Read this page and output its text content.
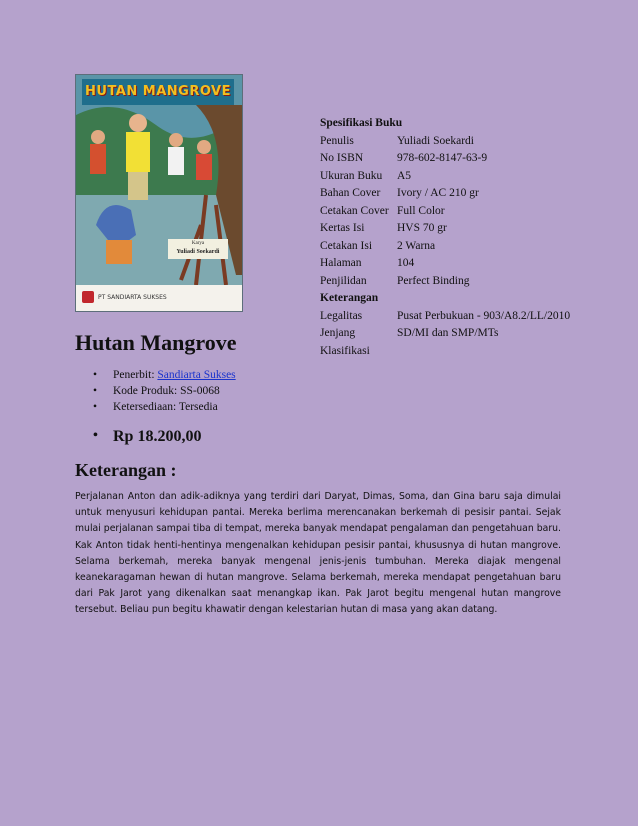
HUTAN MANGROVE
Karya
Yuliadi Soekardi
PT SANDIARTA SUKSES
Spesifikasi Buku
Penulis	Yuliadi Soekardi
No ISBN	978-602-8147-63-9
Ukuran Buku	A5
Bahan Cover	Ivory / AC 210 gr
Cetakan Cover	Full Color
Kertas Isi	HVS 70 gr
Cetakan Isi	2 Warna
Halaman	104
Penjilidan	Perfect Binding
Keterangan
Legalitas	Pusat Perbukuan - 903/A8.2/LL/2010
Jenjang	SD/MI dan SMP/MTs
Klasifikasi	
Hutan Mangrove
• Penerbit: Sandiarta Sukses
• Kode Produk: SS-0068
• Ketersediaan: Tersedia
• Rp 18.200,00
Keterangan :

Perjalanan Anton dan adik-adiknya yang terdiri dari Daryat, Dimas, Soma, dan Gina baru saja dimulai untuk menyusuri kehidupan pantai. Mereka berlima merencanakan berkemah di pesisir pantai. Sejak mulai perjalanan sampai tiba di tempat, mereka banyak mendapat pengalaman dan pengetahuan baru. Kak Anton tidak henti-hentinya mengenalkan kehidupan pesisir pantai, khususnya di hutan mangrove. Selama berkemah, mereka banyak mengenal jenis-jenis tumbuhan. Mereka diajak mengenal keanekaragaman hewan di hutan mangrove. Selama berkemah, mereka mendapat pengetahuan baru dari Pak Jarot yang dikenalkan saat menangkap ikan. Pak Jarot begitu mengenal hutan mangrove tersebut. Beliau pun begitu khawatir dengan kelestarian hutan di masa yang akan datang.
